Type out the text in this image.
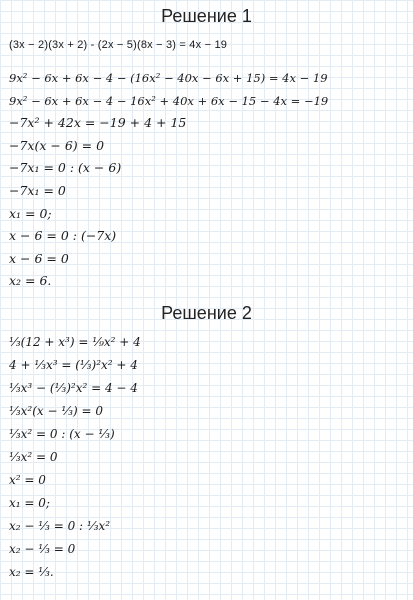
Решение 1
(3x − 2)(3x + 2) - (2x − 5)(8x − 3) = 4x − 19
9x² − 6x + 6x − 4 − (16x² − 40x − 6x + 15) = 4x − 19
9x² − 6x + 6x − 4 − 16x² + 40x + 6x − 15 − 4x = −19
−7x² + 42x = −19 + 4 + 15
−7x(x − 6) = 0
−7x₁ = 0 : (x − 6)
−7x₁ = 0
x₁ = 0;
x − 6 = 0 : (−7x)
x − 6 = 0
x₂ = 6.
Решение 2
⅓(12 + x³) = ⅑x² + 4
4 + ⅓x³ = (⅓)²x² + 4
⅓x³ − (⅓)²x² = 4 − 4
⅓x²(x − ⅓) = 0
⅓x² = 0 : (x − ⅓)
⅓x² = 0
x² = 0
x₁ = 0;
x₂ − ⅓ = 0 : ⅓x²
x₂ − ⅓ = 0
x₂ = ⅓.
